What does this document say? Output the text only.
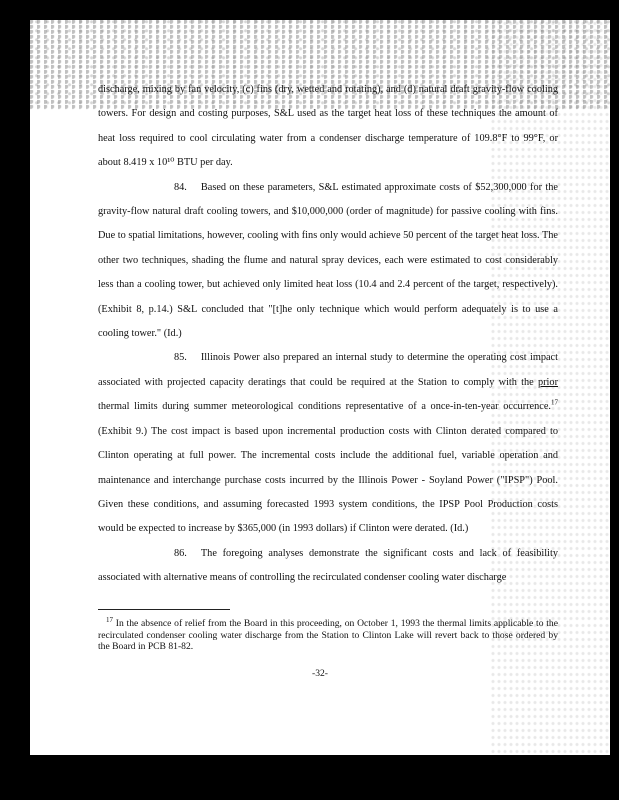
discharge, mixing by fan velocity, (c) fins (dry, wetted and rotating), and (d) natural draft gravity-flow cooling towers. For design and costing purposes, S&L used as the target heat loss of these techniques the amount of heat loss required to cool circulating water from a condenser discharge temperature of 109.8°F to 99°F, or about 8.419 x 10¹⁰ BTU per day.

84. Based on these parameters, S&L estimated approximate costs of $52,300,000 for the gravity-flow natural draft cooling towers, and $10,000,000 (order of magnitude) for passive cooling with fins. Due to spatial limitations, however, cooling with fins only would achieve 50 percent of the target heat loss. The other two techniques, shading the flume and natural spray devices, each were estimated to cost considerably less than a cooling tower, but achieved only limited heat loss (10.4 and 2.4 percent of the target, respectively). (Exhibit 8, p.14.) S&L concluded that "[t]he only technique which would perform adequately is to use a cooling tower." (Id.)

85. Illinois Power also prepared an internal study to determine the operating cost impact associated with projected capacity deratings that could be required at the Station to comply with the prior thermal limits during summer meteorological conditions representative of a once-in-ten-year occurrence.$^{17}$ (Exhibit 9.) The cost impact is based upon incremental production costs with Clinton derated compared to Clinton operating at full power. The incremental costs include the additional fuel, variable operation and maintenance and interchange purchase costs incurred by the Illinois Power - Soyland Power ("IPSP") Pool. Given these conditions, and assuming forecasted 1993 system conditions, the IPSP Pool Production costs would be expected to increase by $365,000 (in 1993 dollars) if Clinton were derated. (Id.)

86. The foregoing analyses demonstrate the significant costs and lack of feasibility associated with alternative means of controlling the recirculated condenser cooling water discharge

$^{17}$ In the absence of relief from the Board in this proceeding, on October 1, 1993 the thermal limits applicable to the recirculated condenser cooling water discharge from the Station to Clinton Lake will revert back to those ordered by the Board in PCB 81-82.

-32-
